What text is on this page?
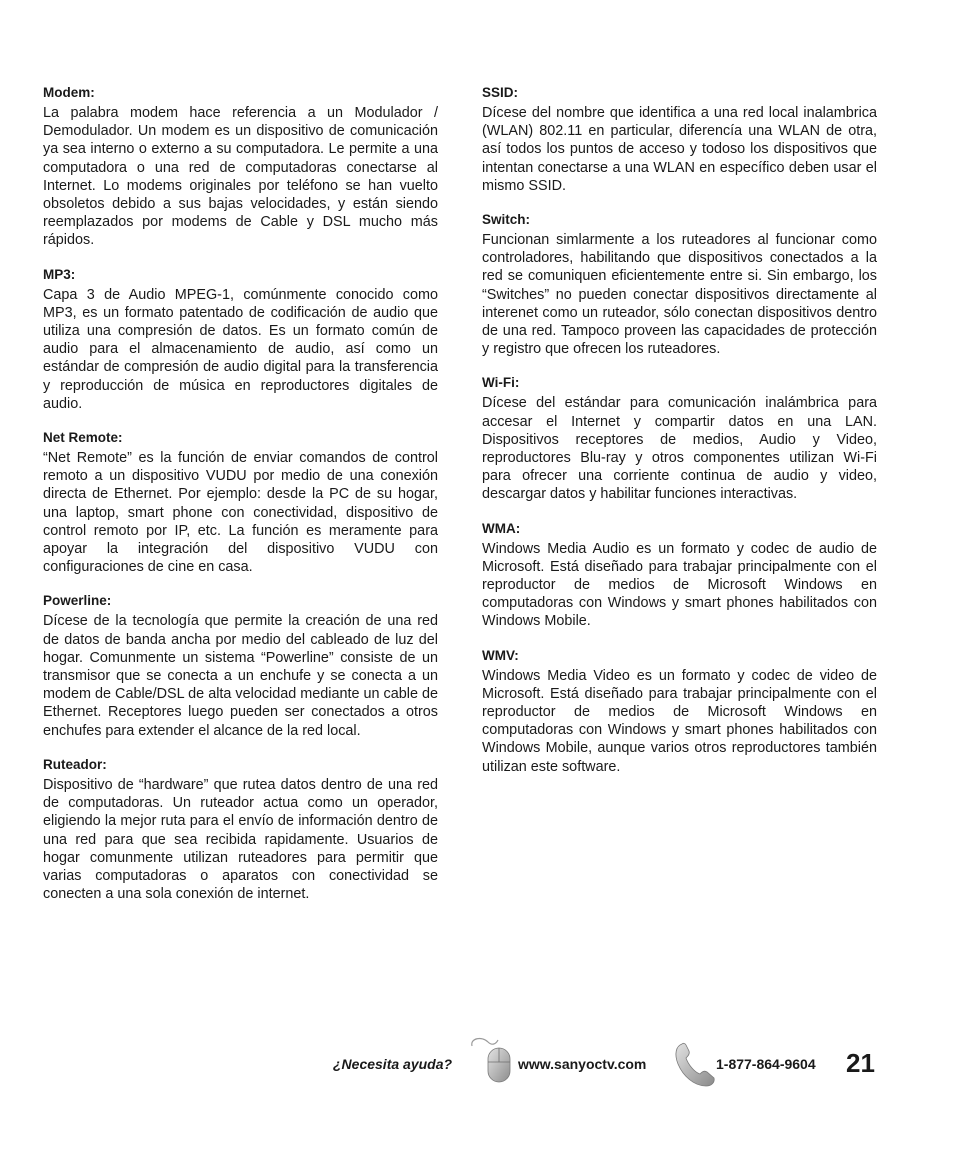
Modem:

La palabra modem hace referencia a un Modulador / Demodulador. Un modem es un dispositivo de comunicación ya sea interno o externo a su computadora. Le permite a una computadora o una red de computadoras conectarse al Internet. Lo modems originales por teléfono se han vuelto obsoletos debido a sus bajas velocidades, y están siendo reemplazados por modems de Cable y DSL mucho más rápidos.

MP3:

Capa 3 de Audio MPEG-1, comúnmente conocido como MP3, es un formato patentado de codificación de audio que utiliza una compresión de datos. Es un formato común de audio para el almacenamiento de audio, así como un estándar de compresión de audio digital para la transferencia y reproducción de música en reproductores digitales de audio.

Net Remote:

“Net Remote” es la función de enviar comandos de control remoto a un dispositivo VUDU por medio de una conexión directa de Ethernet. Por ejemplo: desde la PC de su hogar, una laptop, smart phone con conectividad, dispositivo de control remoto por IP, etc. La función es meramente para apoyar la integración del dispositivo VUDU con configuraciones de cine en casa.

Powerline:

Dícese de la tecnología que permite la creación de una red de datos de banda ancha por medio del cableado de luz del hogar. Comunmente un sistema “Powerline” consiste de un transmisor que se conecta a un enchufe y se conecta a un modem de Cable/DSL de alta velocidad mediante un cable de Ethernet. Receptores luego pueden ser conectados a otros enchufes para extender el alcance de la red local.

Ruteador:

Dispositivo de “hardware” que rutea datos dentro de una red de computadoras. Un ruteador actua como un operador, eligiendo la mejor ruta para el envío de información dentro de una red para que sea recibida rapidamente. Usuarios de hogar comunmente utilizan ruteadores para permitir que varias computadoras o aparatos con conectividad se conecten a una sola conexión de internet.

SSID:

Dícese del nombre que identifica a una red local inalambrica (WLAN) 802.11 en particular, diferencía una WLAN de otra, así todos los puntos de acceso y todoso los dispositivos que intentan conectarse a una WLAN en específico deben usar el mismo SSID.

Switch:

Funcionan simlarmente a los ruteadores al funcionar como controladores, habilitando que dispositivos conectados a la red se comuniquen eficientemente entre si. Sin embargo, los “Switches” no pueden conectar dispositivos directamente al interenet como un ruteador, sólo conectan dispositivos dentro de una red. Tampoco proveen las capacidades de protección y registro que ofrecen los ruteadores.

Wi-Fi:

Dícese del estándar para comunicación inalámbrica para accesar el Internet y compartir datos en una LAN. Dispositivos receptores de medios, Audio y Video, reproductores Blu-ray y otros componentes utilizan Wi-Fi para ofrecer una corriente continua de audio y video, descargar datos y habilitar funciones interactivas.

WMA:

Windows Media Audio es un formato y codec de audio de Microsoft. Está diseñado para trabajar principalmente con el reproductor de medios de Microsoft Windows en computadoras con Windows y smart phones habilitados con Windows Mobile.

WMV:

Windows Media Video es un formato y codec de video de Microsoft. Está diseñado para trabajar principalmente con el reproductor de medios de Microsoft Windows en computadoras con Windows y smart phones habilitados con Windows Mobile, aunque varios otros reproductores también utilizan este software.

¿Necesita ayuda?	www.sanyoctv.com	1-877-864-9604 21
